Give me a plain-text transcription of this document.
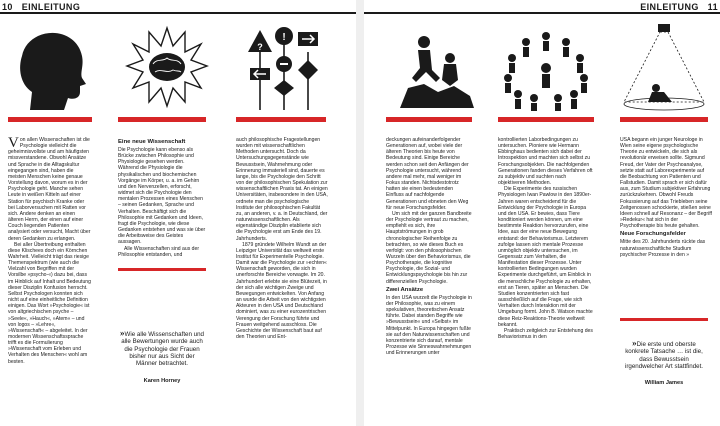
10 EINLEITUNG
?
!

Von allen Wissenschaften ist die Psychologie vielleicht die geheimnisvollste und am häufigsten missverstandene. Obwohl Ansätze und Sprache in die Alltagskultur eingegangen sind, haben die meisten Menschen keine genaue Vorstellung davon, worum es in der Psychologie geht. Manche sehen Leute in weißen Kitteln auf einer Station für psychisch Kranke oder bei Laborversuchen mit Ratten vor sich. Andere denken an einen älteren Herrn, der einen auf einer Couch liegenden Patienten analysiert oder versucht, Macht über deren Gedanken zu erlangen.

Bei aller Übertreibung enthalten diese Klischees doch ein Körnchen Wahrheit. Vielleicht trägt das riesige Themenspektrum (wie auch die Vielzahl von Begriffen mit der Vorsilbe »psycho-«) dazu bei, dass im Hinblick auf Inhalt und Bedeutung dieser Disziplin Konfusion herrscht. Selbst Psychologen konnten sich nicht auf eine einheitliche Definition einigen. Das Wort »Psychologie« ist von altgriechischen psyche – »Seele«, »Hauch«, »Atem« – und von logos – »Lehre«, »Wissenschaft« – abgeleitet. In der modernen Wissenschaftssprache trifft es die Formulierung »Wissenschaft vom Erleben und Verhalten des Menschen« wohl am besten.

Eine neue Wissenschaft

Die Psychologie kann ebenso als Brücke zwischen Philosophie und Physiologie gesehen werden. Während die Physiologie die physikalischen und biochemischen Vorgänge im Körper, u. a. im Gehirn und den Nervenzellen, erforscht, widmet sich die Psychologie den mentalen Prozessen eines Menschen – seinen Gedanken, Sprache und Verhalten. Beschäftigt sich die Philosophie mit Gedanken und Ideen, fragt die Psychologie, wie diese Gedanken entstehen und was sie über die Arbeitsweise des Geistes aussagen.

Alle Wissenschaften sind aus der Philosophie entstanden, und

»Wie alle Wissenschaften und alle Bewertungen wurde auch die Psychologie der Frauen bisher nur aus Sicht der Männer betrachtet.
Karen Horney

auch philosophische Fragestellungen wurden mit wissenschaftlichen Methoden untersucht. Doch da Untersuchungsgegenstände wie Bewusstsein, Wahrnehmung oder Erinnerung immateriell sind, dauerte es lange, bis die Psychologie den Schritt von der philosophischen Spekulation zur wissenschaftlichen Praxis tat. An einigen Universitäten, insbesondere in den USA, ordnete man die psychologische Institute der philosophischen Fakultät zu, an anderen, v. a. in Deutschland, der naturwissenschaftlichen. Als eigenständige Disziplin etablierte sich die Psychologie erst am Ende des 19. Jahrhunderts.

1879 gründete Wilhelm Wundt an der Leipziger Universität das weltweit erste Institut für Experimentelle Psychologie. Damit war die Psychologie zur »echten« Wissenschaft geworden, die sich in unerforschte Bereiche vorwagte. Im 20. Jahrhundert erlebte sie eine Blütezeit, in der sich alle wichtigen Zweige und Bewegungen entwickelten. Von Anfang an wurde die Arbeit von den wichtigsten Akteuren in den USA und Deutschland dominiert, was zu einer eurozentrischen Verengung der Forschung führte und Frauen weitgehend ausschloss. Die Geschichte der Wissenschaft baut auf den Theorien und Ent-

EINLEITUNG 11

deckungen aufeinanderfolgender Generationen auf, wobei viele der älteren Theorien bis heute von Bedeutung sind. Einige Bereiche werden schon seit den Anfängen der Psychologie untersucht, während andere mal mehr, mal weniger im Fokus standen. Nichtsdestotrotz hatten sie einen bedeutenden Einfluss auf nachfolgende Generationen und ebneten den Weg für neue Forschungsfelder.

Um sich mit der ganzen Bandbreite der Psychologie vertraut zu machen, empfiehlt es sich, ihre Hauptströmungen in grob chronologischer Reihenfolge zu betrachten, so wie dieses Buch es verfolgt: von den philosophischen Wurzeln über den Behaviorismus, die Psychotherapie, die kognitive Psychologie, die Sozial- und Entwicklungspsychologie bis hin zur differenziellen Psychologie.

Zwei Ansätze

In den USA wurzelt die Psychologie in der Philosophie, was zu einem spekulativen, theoretischen Ansatz führte. Dabei standen Begriffe wie »Bewusstsein« und »Selbst« im Mittelpunkt. In Europa hingegen fußte sie auf den Naturwissenschaften und konzentrierte sich darauf, mentale Prozesse wie Sinneswahrnehmungen und Erinnerungen unter

kontrollierten Laborbedingungen zu untersuchen. Pioniere wie Hermann Ebbinghaus bedienten sich dabei der Introspektion und machten sich selbst zu Forschungsobjekten. Die nachfolgenden Generationen fanden dieses Verfahren oft zu subjektiv und suchten nach objektiveren Methoden.

Die Experimente des russischen Physiologen Iwan Pawlow in den 1890er-Jahren waren entscheidend für die Entwicklung der Psychologie in Europa und den USA. Er bewies, dass Tiere konditioniert werden können, um eine bestimmte Reaktion hervorzurufen, eine Idee, aus der eine neue Bewegung entstand: der Behaviorismus. Letzterem zufolge lassen sich mentale Prozesse unmöglich objektiv untersuchen, im Gegensatz zum Verhalten, die Manifestation dieser Prozesse. Unter kontrollierten Bedingungen wurden Experimente durchgeführt, um Einblick in die menschliche Psychologie zu erhalten, erst an Tieren, später an Menschen. Die Studien konzentrierten sich fast ausschließlich auf die Frage, wie sich Verhalten durch Interaktion mit der Umgebung formt. John B. Watson machte diese Reiz-Reaktions-Theorie weltweit bekannt.

Praktisch zeitgleich zur Entstehung des Behaviorismus in den

USA begann ein junger Neurologe in Wien seine eigene psychologische Theorie zu entwickeln, die sich als revolutionär erweisen sollte. Sigmund Freud, der Vater der Psychoanalyse, setzte statt auf Laborexperimente auf die Beobachtung von Patienten und Fallstudien. Damit sprach er sich dafür aus, zum Studium subjektiver Erfahrung zurückzukehren. Obwohl Freuds Fokussierung auf das Triebleben seine Zeitgenossen schockierte, stießen seine Ideen schnell auf Resonanz – der Begriff »Redekur« hat sich in der Psychotherapie bis heute gehalten.

Neue Forschungsfelder

Mitte des 20. Jahrhunderts rückte das naturwissenschaftliche Studium psychischer Prozesse in den »

»Die erste und oberste konkrete Tatsache … ist die, dass Bewusstsein irgendwelcher Art stattfindet.
William James
